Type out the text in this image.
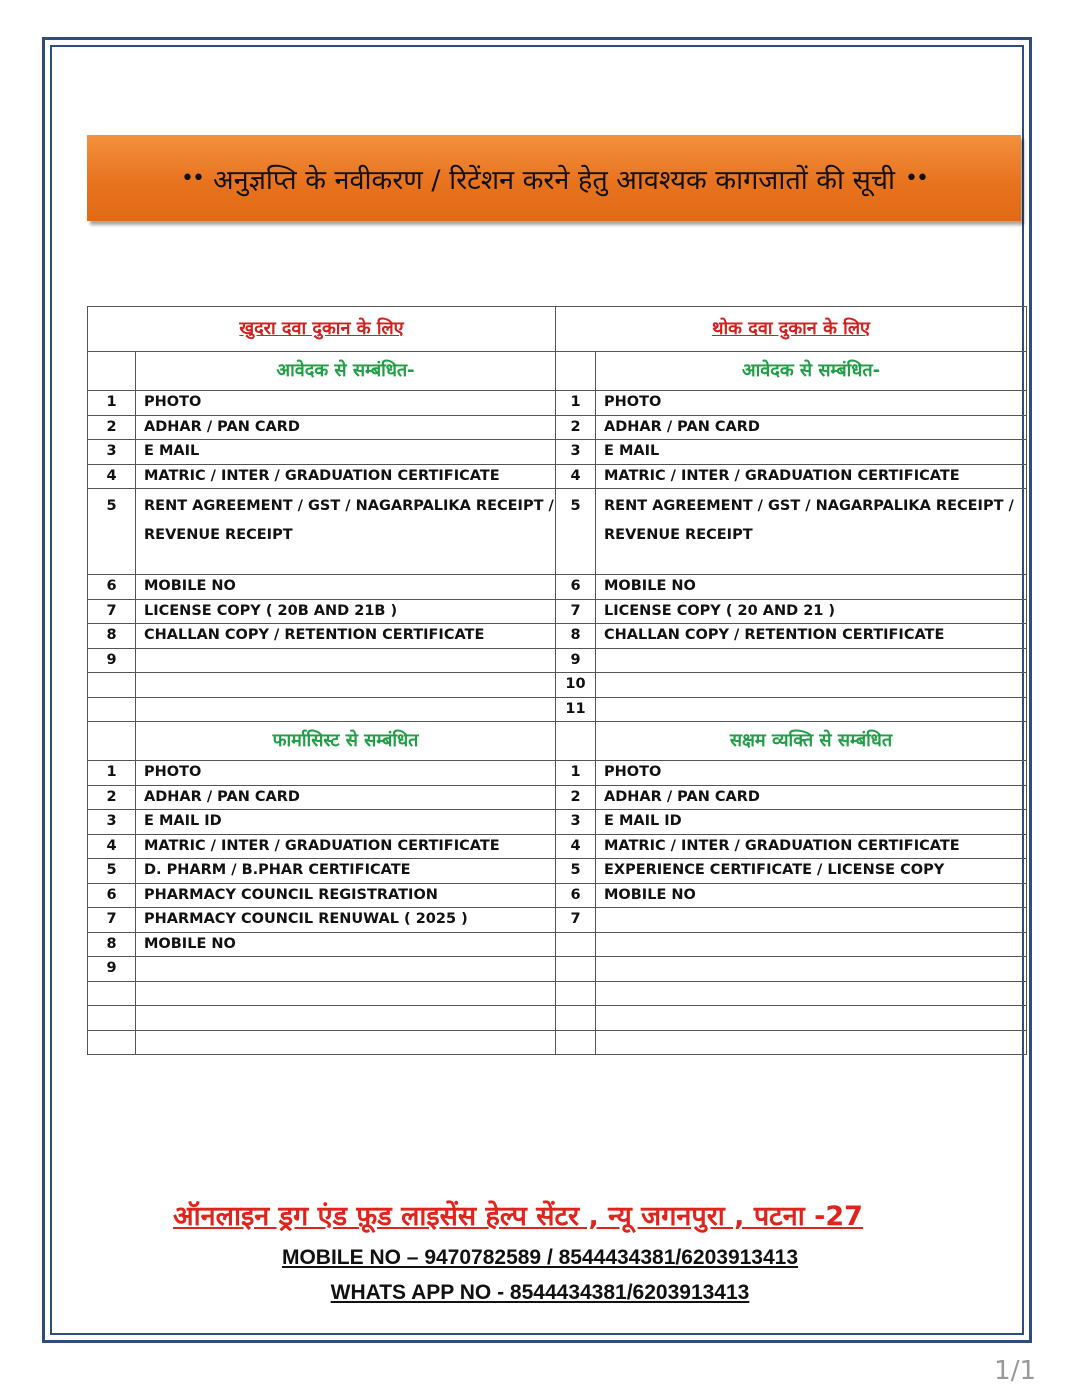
•• अनुज्ञप्ति के नवीकरण / रिटेंशन करने हेतु आवश्यक कागजातों की सूची ••
खुदरा दवा दुकान के लिए		थोक दवा दुकान के लिए	
	आवेदक से सम्बंधित-		आवेदक से सम्बंधित-
1	PHOTO	1	PHOTO
2	ADHAR / PAN CARD	2	ADHAR / PAN CARD
3	E MAIL	3	E MAIL
4	MATRIC / INTER / GRADUATION CERTIFICATE	4	MATRIC / INTER / GRADUATION CERTIFICATE
5	RENT AGREEMENT / GST / NAGARPALIKA RECEIPT / REVENUE RECEIPT	5	RENT AGREEMENT / GST / NAGARPALIKA RECEIPT / REVENUE RECEIPT
6	MOBILE NO	6	MOBILE NO
7	LICENSE COPY ( 20B AND 21B )	7	LICENSE COPY ( 20 AND 21 )
8	CHALLAN COPY / RETENTION CERTIFICATE	8	CHALLAN COPY / RETENTION CERTIFICATE
9		9	
		10	
		11	
	फार्मासिस्ट से सम्बंधित		सक्षम व्यक्ति से सम्बंधित
1	PHOTO	1	PHOTO
2	ADHAR / PAN CARD	2	ADHAR / PAN CARD
3	E MAIL ID	3	E MAIL ID
4	MATRIC / INTER / GRADUATION CERTIFICATE	4	MATRIC / INTER / GRADUATION CERTIFICATE
5	D. PHARM / B.PHAR CERTIFICATE	5	EXPERIENCE CERTIFICATE / LICENSE COPY
6	PHARMACY COUNCIL REGISTRATION	6	MOBILE NO
7	PHARMACY COUNCIL RENUWAL ( 2025 )	7	
8	MOBILE NO		
9			

ऑनलाइन ड्रग एंड फ़ूड लाइसेंस हेल्प सेंटर , न्यू जगनपुरा , पटना -27
MOBILE NO – 9470782589 / 8544434381/6203913413
WHATS APP NO - 8544434381/6203913413
1/1
